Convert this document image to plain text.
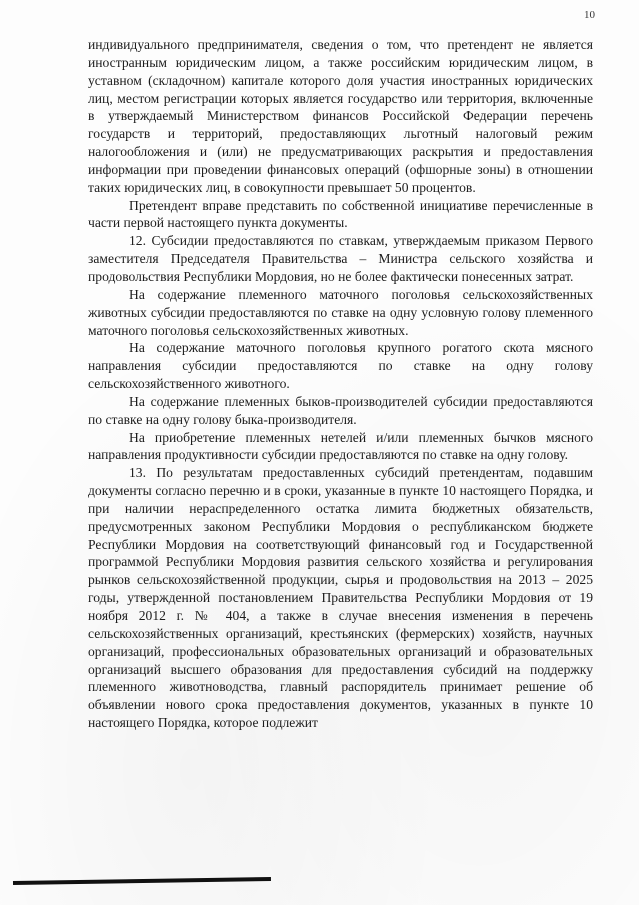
10

индивидуального предпринимателя, сведения о том, что претендент не является иностранным юридическим лицом, а также российским юридическим лицом, в уставном (складочном) капитале которого доля участия иностранных юридических лиц, местом регистрации которых является государство или территория, включенные в утверждаемый Министерством финансов Российской Федерации перечень государств и территорий, предоставляющих льготный налоговый режим налогообложения и (или) не предусматривающих раскрытия и предоставления информации при проведении финансовых операций (офшорные зоны) в отношении таких юридических лиц, в совокупности превышает 50 процентов.

Претендент вправе представить по собственной инициативе перечисленные в части первой настоящего пункта документы.

12. Субсидии предоставляются по ставкам, утверждаемым приказом Первого заместителя Председателя Правительства – Министра сельского хозяйства и продовольствия Республики Мордовия, но не более фактически понесенных затрат.

На содержание племенного маточного поголовья сельскохозяйственных животных субсидии предоставляются по ставке на одну условную голову племенного маточного поголовья сельскохозяйственных животных.

На содержание маточного поголовья крупного рогатого скота мясного направления субсидии предоставляются по ставке на одну голову сельскохозяйственного животного.

На содержание племенных быков-производителей субсидии предоставляются по ставке на одну голову быка-производителя.

На приобретение племенных нетелей и/или племенных бычков мясного направления продуктивности субсидии предоставляются по ставке на одну голову.

13. По результатам предоставленных субсидий претендентам, подавшим документы согласно перечню и в сроки, указанные в пункте 10 настоящего Порядка, и при наличии нераспределенного остатка лимита бюджетных обязательств, предусмотренных законом Республики Мордовия о республиканском бюджете Республики Мордовия на соответствующий финансовый год и Государственной программой Республики Мордовия развития сельского хозяйства и регулирования рынков сельскохозяйственной продукции, сырья и продовольствия на 2013 – 2025 годы, утвержденной постановлением Правительства Республики Мордовия от 19 ноября 2012 г. № 404, а также в случае внесения изменения в перечень сельскохозяйственных организаций, крестьянских (фермерских) хозяйств, научных организаций, профессиональных образовательных организаций и образовательных организаций высшего образования для предоставления субсидий на поддержку племенного животноводства, главный распорядитель принимает решение об объявлении нового срока предоставления документов, указанных в пункте 10 настоящего Порядка, которое подлежит
